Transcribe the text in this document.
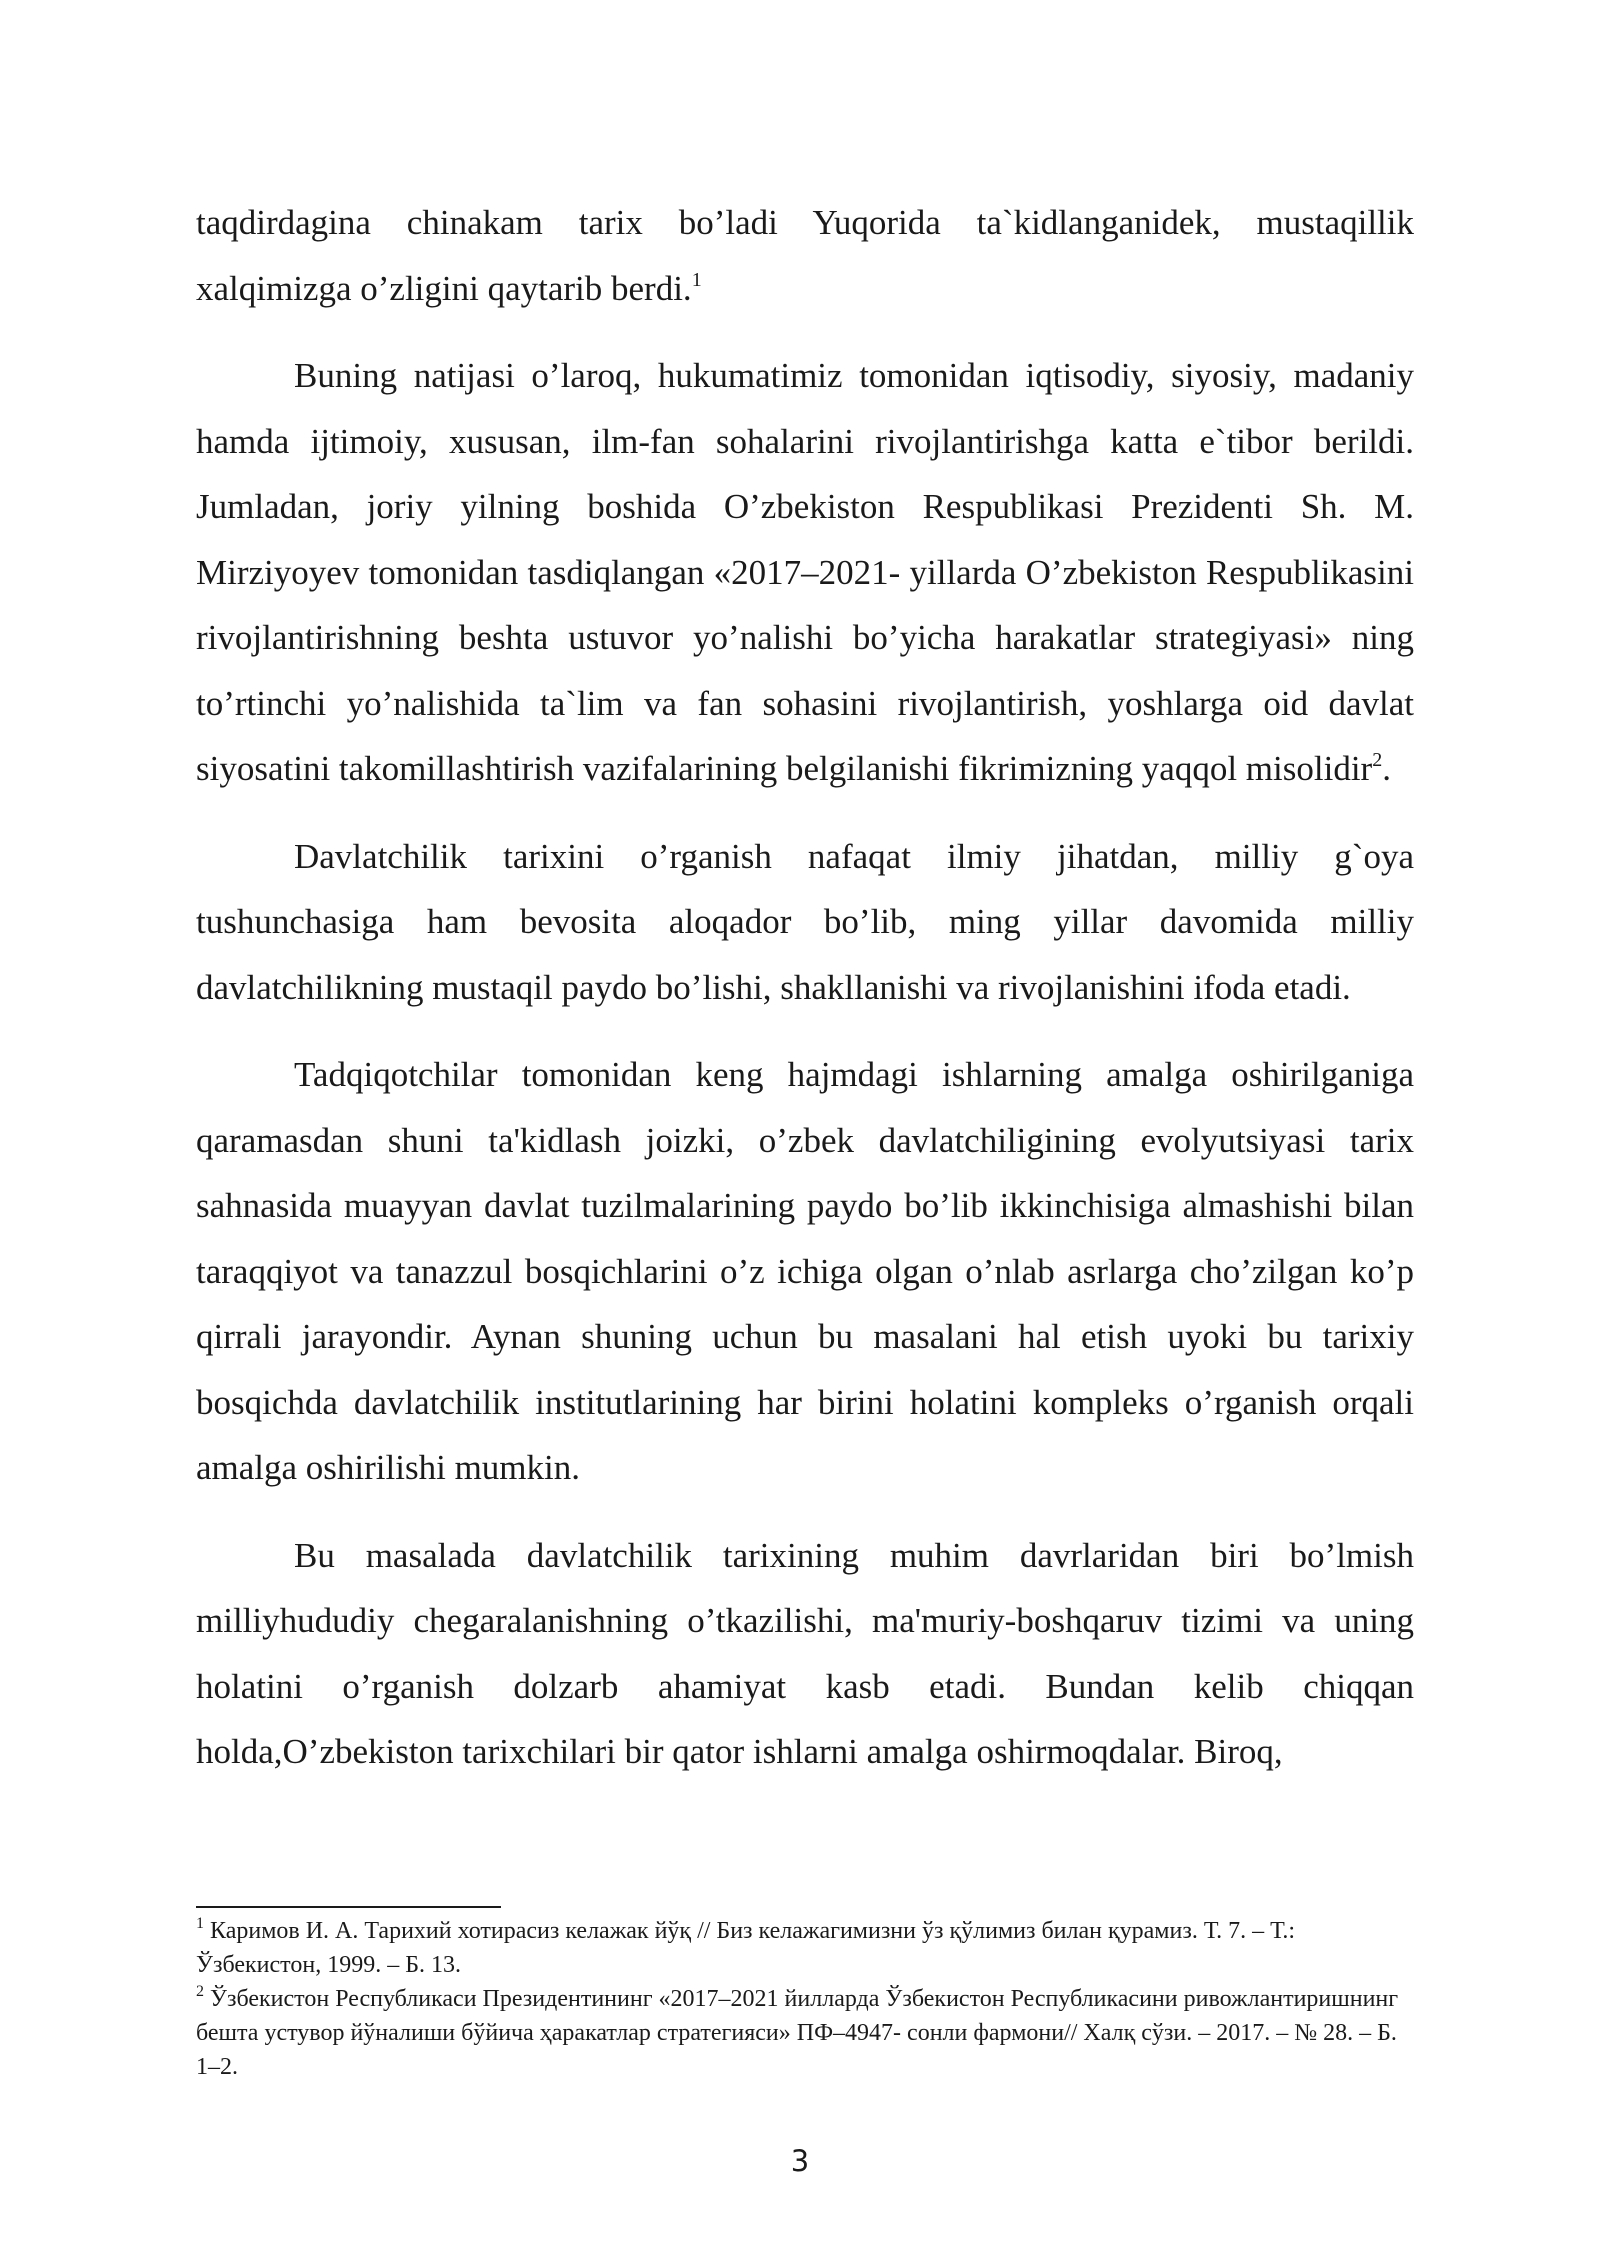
taqdirdagina chinakam tarix bo’ladi Yuqorida ta`kidlanganidek, mustaqillik xalqimizga o’zligini qaytarib berdi.$^1$

Buning natijasi o’laroq, hukumatimiz tomonidan iqtisodiy, siyosiy, madaniy hamda ijtimoiy, xususan, ilm-fan sohalarini rivojlantirishga katta e`tibor berildi. Jumladan, joriy yilning boshida O’zbekiston Respublikasi Prezidenti Sh. M. Mirziyoyev tomonidan tasdiqlangan «2017–2021- yillarda O’zbekiston Respublikasini rivojlantirishning beshta ustuvor yo’nalishi bo’yicha harakatlar strategiyasi» ning to’rtinchi yo’nalishida ta`lim va fan sohasini rivojlantirish, yoshlarga oid davlat siyosatini takomillashtirish vazifalarining belgilanishi fikrimizning yaqqol misolidir$^2$.

Davlatchilik tarixini o’rganish nafaqat ilmiy jihatdan, milliy g`oya tushunchasiga ham bevosita aloqador bo’lib, ming yillar davomida milliy davlatchilikning mustaqil paydo bo’lishi, shakllanishi va rivojlanishini ifoda etadi.

Tadqiqotchilar tomonidan keng hajmdagi ishlarning amalga oshirilganiga qaramasdan shuni ta'kidlash joizki, o’zbek davlatchiligining evolyutsiyasi tarix sahnasida muayyan davlat tuzilmalarining paydo bo’lib ikkinchisiga almashishi bilan taraqqiyot va tanazzul bosqichlarini o’z ichiga olgan o’nlab asrlarga cho’zilgan ko’p qirrali jarayondir. Aynan shuning uchun bu masalani hal etish uyoki bu tarixiy bosqichda davlatchilik institutlarining har birini holatini kompleks o’rganish orqali amalga oshirilishi mumkin.

Bu masalada davlatchilik tarixining muhim davrlaridan biri bo’lmish milliyhududiy chegaralanishning o’tkazilishi, ma'muriy-boshqaruv tizimi va uning holatini o’rganish dolzarb ahamiyat kasb etadi. Bundan kelib chiqqan holda,O’zbekiston tarixchilari bir qator ishlarni amalga oshirmoqdalar. Biroq,

$^1$ Каримов И. А. Тарихий хотирасиз келажак йўқ // Биз келажагимизни ўз қўлимиз билан қурамиз. Т. 7. – Т.: Ўзбекистон, 1999. – Б. 13.

$^2$ Ўзбекистон Республикаси Президентининг «2017–2021 йилларда Ўзбекистон Республикасини ривожлантиришнинг бешта устувор йўналиши бўйича ҳаракатлар стратегияси» ПФ–4947- сонли фармони// Халқ сўзи. – 2017. – № 28. – Б. 1–2.

3
